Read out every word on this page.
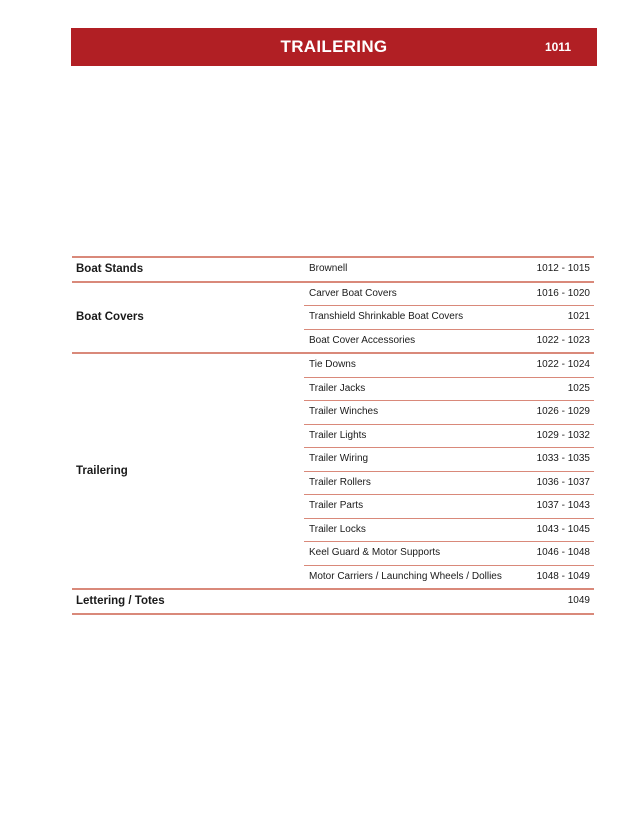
TRAILERING	1011
Boat Stands	Brownell	1012 - 1015
Boat Covers
Carver Boat Covers	1016 - 1020
Transhield Shrinkable Boat Covers	1021
Boat Cover Accessories	1022 - 1023
Trailering
Tie Downs	1022 - 1024
Trailer Jacks	1025
Trailer Winches	1026 - 1029
Trailer Lights	1029 - 1032
Trailer Wiring	1033 - 1035
Trailer Rollers	1036 - 1037
Trailer Parts	1037 - 1043
Trailer Locks	1043 - 1045
Keel Guard & Motor Supports	1046 - 1048
Motor Carriers / Launching Wheels / Dollies	1048 - 1049
Lettering / Totes	1049
